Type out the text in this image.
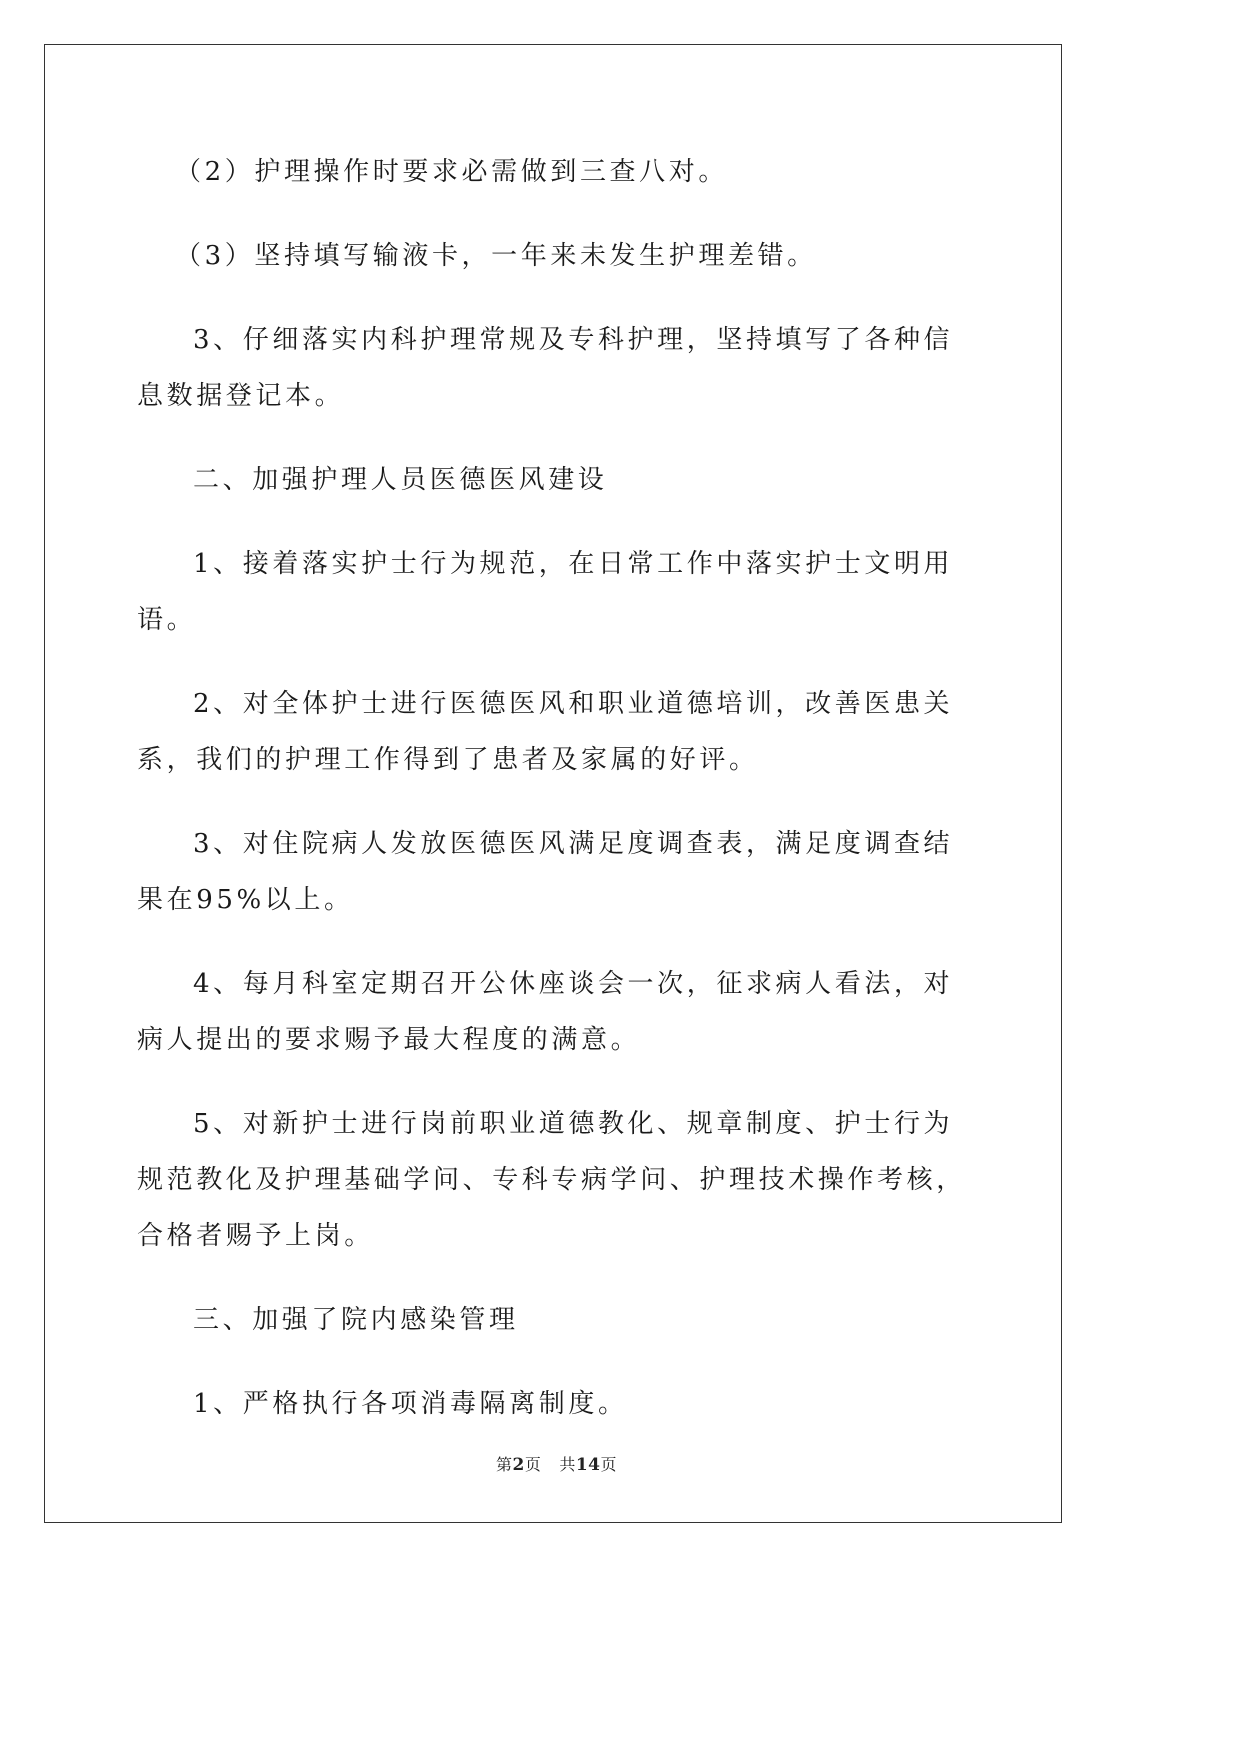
（2）护理操作时要求必需做到三查八对。

（3）坚持填写输液卡，一年来未发生护理差错。

3、仔细落实内科护理常规及专科护理，坚持填写了各种信息数据登记本。

二、加强护理人员医德医风建设

1、接着落实护士行为规范，在日常工作中落实护士文明用语。

2、对全体护士进行医德医风和职业道德培训，改善医患关系，我们的护理工作得到了患者及家属的好评。

3、对住院病人发放医德医风满足度调查表，满足度调查结果在95%以上。

4、每月科室定期召开公休座谈会一次，征求病人看法，对病人提出的要求赐予最大程度的满意。

5、对新护士进行岗前职业道德教化、规章制度、护士行为规范教化及护理基础学问、专科专病学问、护理技术操作考核，合格者赐予上岗。

三、加强了院内感染管理

1、严格执行各项消毒隔离制度。

第2页 共14页
